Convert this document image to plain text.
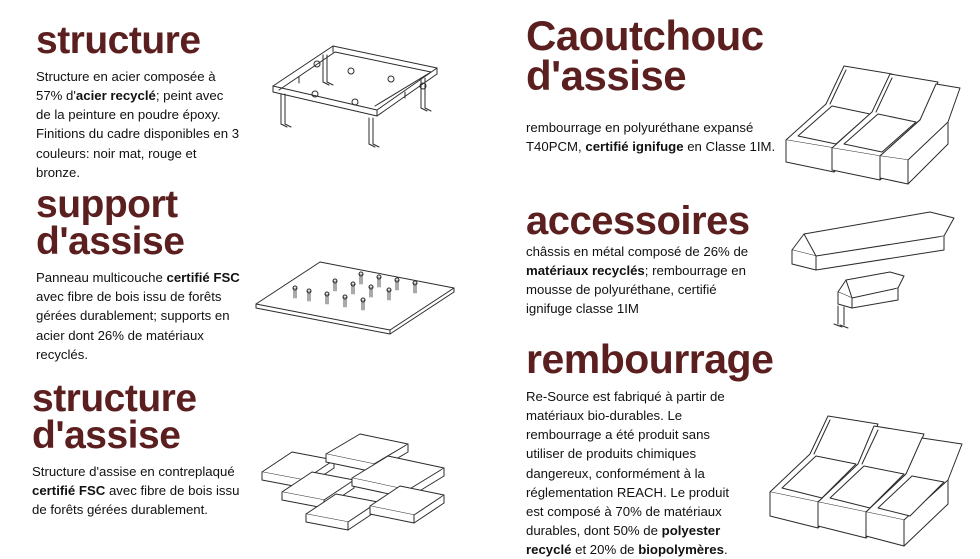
structure

Structure en acier composée à 57% d'acier recyclé; peint avec de la peinture en poudre époxy. Finitions du cadre disponibles en 3 couleurs: noir mat, rouge et bronze.

support
d'assise

Panneau multicouche certifié FSC avec fibre de bois issu de forêts gérées durablement; supports en acier dont 26% de matériaux recyclés.

structure
d'assise

Structure d'assise en contreplaqué certifié FSC avec fibre de bois issu de forêts gérées durablement.

Caoutchouc
d'assise

rembourrage en polyuréthane expansé T40PCM, certifié ignifuge en Classe 1IM.

accessoires

châssis en métal composé de 26% de matériaux recyclés; rembourrage en mousse de polyuréthane, certifié ignifuge classe 1IM

rembourrage

Re-Source est fabriqué à partir de matériaux bio-durables. Le rembourrage a été produit sans utiliser de produits chimiques dangereux, conformément à la réglementation REACH. Le produit est composé à 70% de matériaux durables, dont 50% de polyester recyclé et 20% de biopolymères.
